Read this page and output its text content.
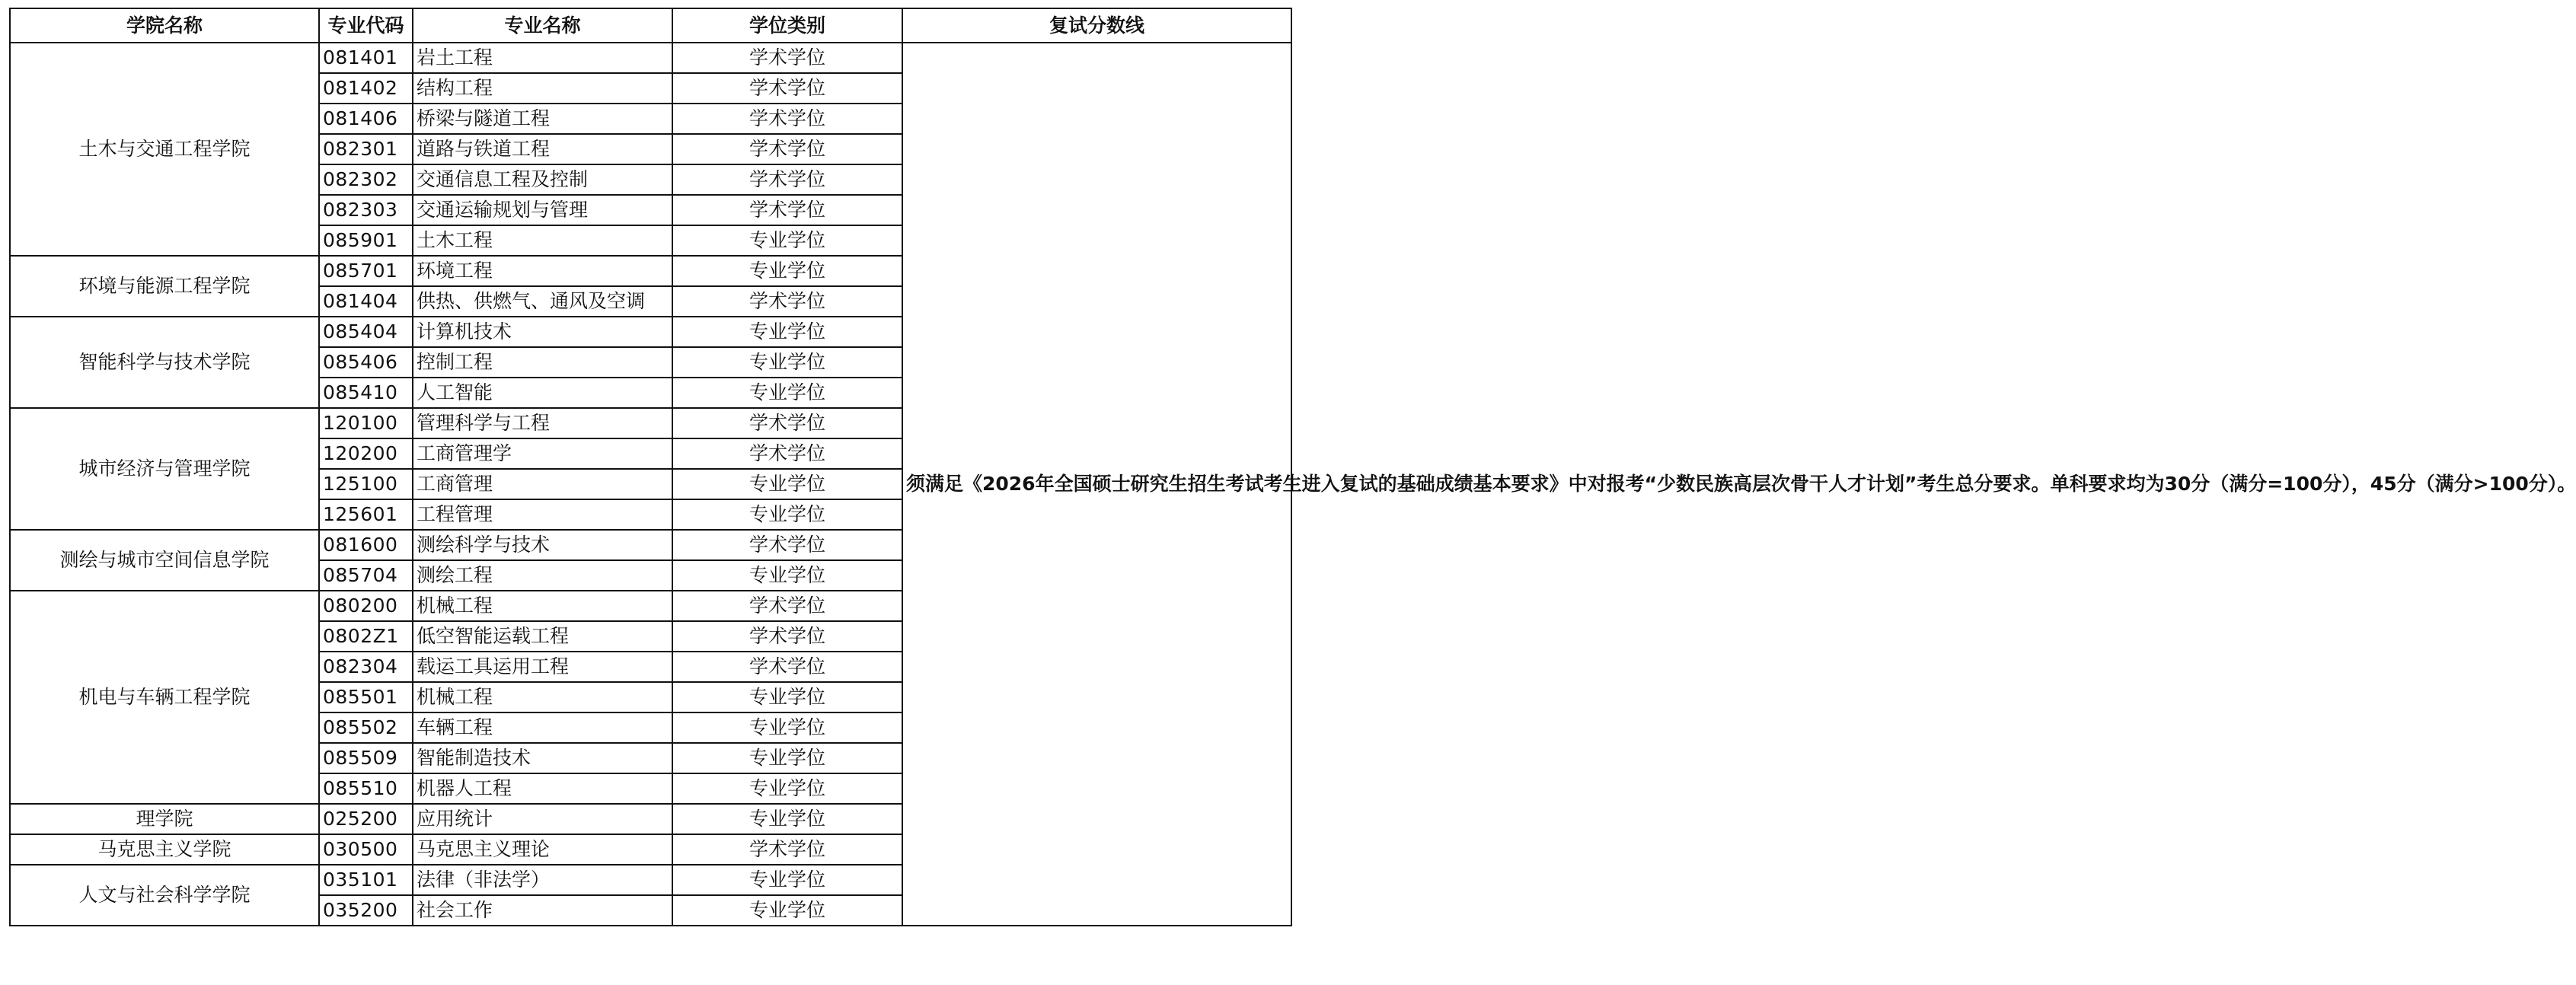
学院名称	专业代码	专业名称	学位类别	复试分数线
土木与交通工程学院	081401	岩土工程	学术学位	须满足《2026年全国硕士研究生招生考试考生进入复试的基础成绩基本要求》中对报考“少数民族高层次骨干人才计划”考生总分要求。单科要求均为30分（满分=100分），45分（满分>100分）。
	081402	结构工程	学术学位	
	081406	桥梁与隧道工程	学术学位	
	082301	道路与铁道工程	学术学位	
	082302	交通信息工程及控制	学术学位	
	082303	交通运输规划与管理	学术学位	
	085901	土木工程	专业学位	
环境与能源工程学院	085701	环境工程	专业学位	
	081404	供热、供燃气、通风及空调	学术学位	
智能科学与技术学院	085404	计算机技术	专业学位	
	085406	控制工程	专业学位	
	085410	人工智能	专业学位	
城市经济与管理学院	120100	管理科学与工程	学术学位	
	120200	工商管理学	学术学位	
	125100	工商管理	专业学位	
	125601	工程管理	专业学位	
测绘与城市空间信息学院	081600	测绘科学与技术	学术学位	
	085704	测绘工程	专业学位	
机电与车辆工程学院	080200	机械工程	学术学位	
	0802Z1	低空智能运载工程	学术学位	
	082304	载运工具运用工程	学术学位	
	085501	机械工程	专业学位	
	085502	车辆工程	专业学位	
	085509	智能制造技术	专业学位	
	085510	机器人工程	专业学位	
理学院	025200	应用统计	专业学位	
马克思主义学院	030500	马克思主义理论	学术学位	
人文与社会科学学院	035101	法律（非法学）	专业学位	
	035200	社会工作	专业学位	
